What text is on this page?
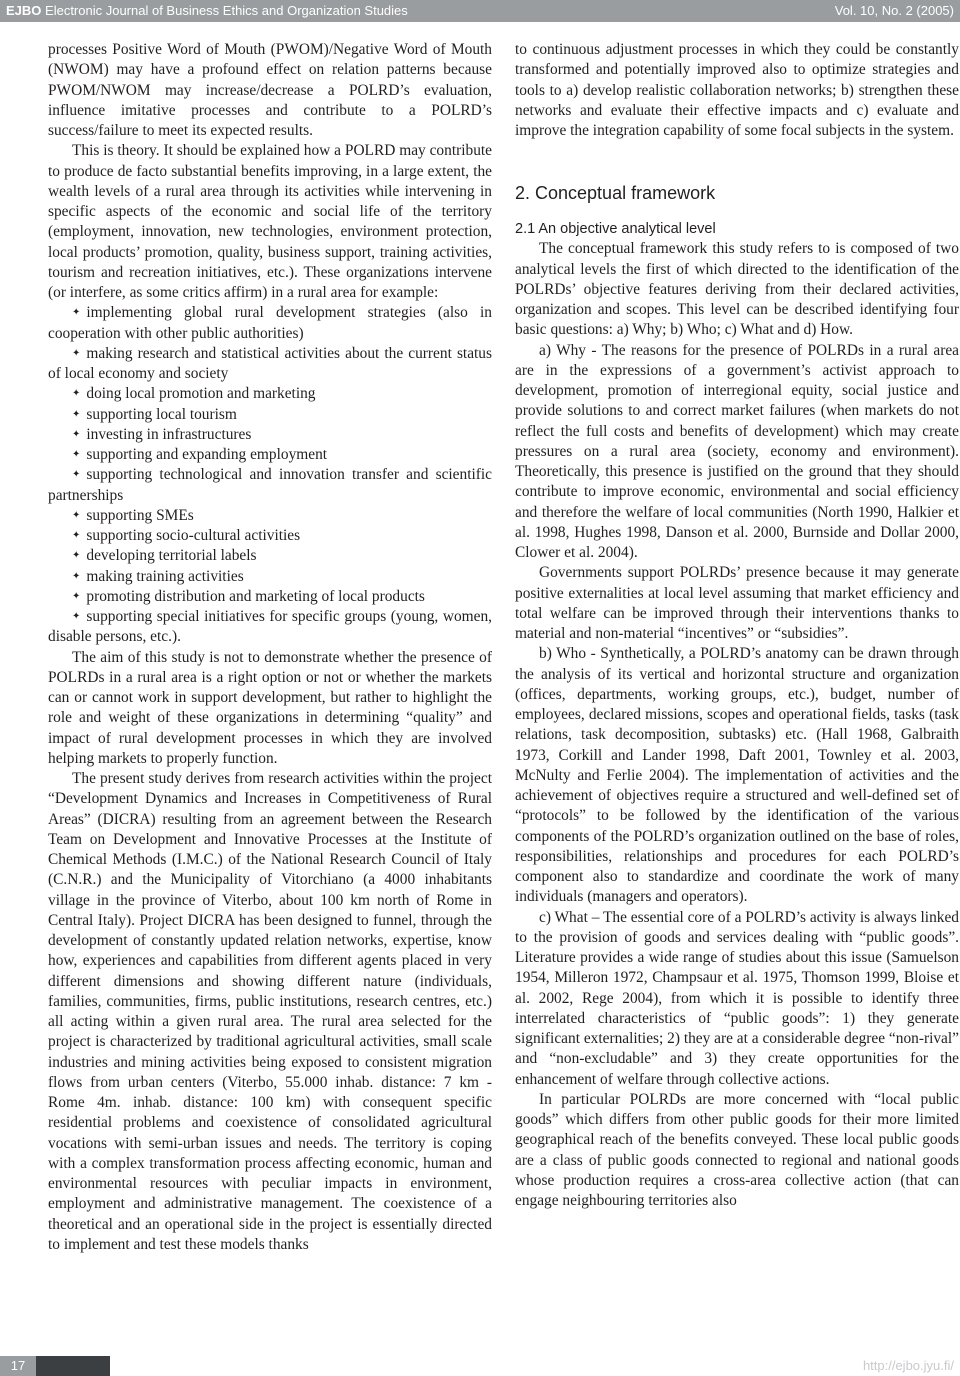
EJBO Electronic Journal of Business Ethics and Organization Studies	Vol. 10, No. 2 (2005)

processes Positive Word of Mouth (PWOM)/Negative Word of Mouth (NWOM) may have a profound effect on relation patterns because PWOM/NWOM may increase/decrease a POLRD’s evaluation, influence imitative processes and contribute to a POLRD’s success/failure to meet its expected results.

This is theory. It should be explained how a POLRD may contribute to produce de facto substantial benefits improving, in a large extent, the wealth levels of a rural area through its activities while intervening in specific aspects of the economic and social life of the territory (employment, innovation, new technologies, environment protection, local products’ promotion, quality, business support, training activities, tourism and recreation initiatives, etc.). These organizations intervene (or interfere, as some critics affirm) in a rural area for example:

✦ implementing global rural development strategies (also in cooperation with other public authorities)

✦ making research and statistical activities about the current status of local economy and society

✦ doing local promotion and marketing

✦ supporting local tourism

✦ investing in infrastructures

✦ supporting and expanding employment

✦ supporting technological and innovation transfer and scientific partnerships

✦ supporting SMEs

✦ supporting socio-cultural activities

✦ developing territorial labels

✦ making training activities

✦ promoting distribution and marketing of local products

✦ supporting special initiatives for specific groups (young, women, disable persons, etc.).

The aim of this study is not to demonstrate whether the presence of POLRDs in a rural area is a right option or not or whether the markets can or cannot work in support development, but rather to highlight the role and weight of these organizations in determining “quality” and impact of rural development processes in which they are involved helping markets to properly function.

The present study derives from research activities within the project “Development Dynamics and Increases in Competitiveness of Rural Areas” (DICRA) resulting from an agreement between the Research Team on Development and Innovative Processes at the Institute of Chemical Methods (I.M.C.) of the National Research Council of Italy (C.N.R.) and the Municipality of Vitorchiano (a 4000 inhabitants village in the province of Viterbo, about 100 km north of Rome in Central Italy). Project DICRA has been designed to funnel, through the development of constantly updated relation networks, expertise, know how, experiences and capabilities from different agents placed in very different dimensions and showing different nature (individuals, families, communities, firms, public institutions, research centres, etc.) all acting within a given rural area. The rural area selected for the project is characterized by traditional agricultural activities, small scale industries and mining activities being exposed to consistent migration flows from urban centers (Viterbo, 55.000 inhab. distance: 7 km - Rome 4m. inhab. distance: 100 km) with consequent specific residential problems and coexistence of consolidated agricultural vocations with semi-urban issues and needs. The territory is coping with a complex transformation process affecting economic, human and environmental resources with peculiar impacts in environment, employment and administrative management. The coexistence of a theoretical and an operational side in the project is essentially directed to implement and test these models thanks

to continuous adjustment processes in which they could be constantly transformed and potentially improved also to optimize strategies and tools to a) develop realistic collaboration networks; b) strengthen these networks and evaluate their effective impacts and c) evaluate and improve the integration capability of some focal subjects in the system.

2. Conceptual framework
2.1 An objective analytical level

The conceptual framework this study refers to is composed of two analytical levels the first of which directed to the identification of the POLRDs’ objective features deriving from their declared activities, organization and scopes. This level can be described identifying four basic questions: a) Why; b) Who; c) What and d) How.

a) Why - The reasons for the presence of POLRDs in a rural area are in the expressions of a government’s activist approach to development, promotion of interregional equity, social justice and provide solutions to and correct market failures (when markets do not reflect the full costs and benefits of development) which may create pressures on a rural area (society, economy and environment). Theoretically, this presence is justified on the ground that they should contribute to improve economic, environmental and social efficiency and therefore the welfare of local communities (North 1990, Halkier et al. 1998, Hughes 1998, Danson et al. 2000, Burnside and Dollar 2000, Clower et al. 2004).

Governments support POLRDs’ presence because it may generate positive externalities at local level assuming that market efficiency and total welfare can be improved through their interventions thanks to material and non-material “incentives” or “subsidies”.

b) Who - Synthetically, a POLRD’s anatomy can be drawn through the analysis of its vertical and horizontal structure and organization (offices, departments, working groups, etc.), budget, number of employees, declared missions, scopes and operational fields, tasks (task relations, task decomposition, subtasks) etc. (Hall 1968, Galbraith 1973, Corkill and Lander 1998, Daft 2001, Townley et al. 2003, McNulty and Ferlie 2004). The implementation of activities and the achievement of objectives require a structured and well-defined set of “protocols” to be followed by the identification of the various components of the POLRD’s organization outlined on the base of roles, responsibilities, relationships and procedures for each POLRD’s component also to standardize and coordinate the work of many individuals (managers and operators).

c) What – The essential core of a POLRD’s activity is always linked to the provision of goods and services dealing with “public goods”. Literature provides a wide range of studies about this issue (Samuelson 1954, Milleron 1972, Champsaur et al. 1975, Thomson 1999, Bloise et al. 2002, Rege 2004), from which it is possible to identify three interrelated characteristics of “public goods”: 1) they generate significant externalities; 2) they are at a considerable degree “non-rival” and “non-excludable” and 3) they create opportunities for the enhancement of welfare through collective actions.

In particular POLRDs are more concerned with “local public goods” which differs from other public goods for their more limited geographical reach of the benefits conveyed. These local public goods are a class of public goods connected to regional and national goods whose production requires a cross-area collective action (that can engage neighbouring territories also

17	http://ejbo.jyu.fi/
